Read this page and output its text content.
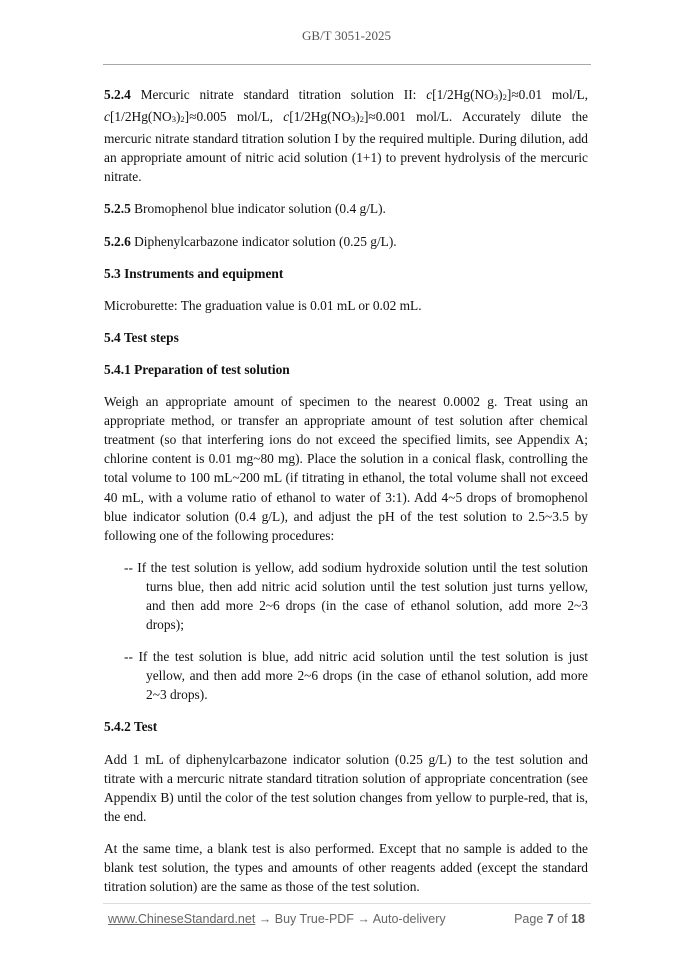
GB/T 3051-2025

5.2.4 Mercuric nitrate standard titration solution II: c[1/2Hg(NO3)2]≈0.01 mol/L, c[1/2Hg(NO3)2]≈0.005 mol/L, c[1/2Hg(NO3)2]≈0.001 mol/L. Accurately dilute the mercuric nitrate standard titration solution I by the required multiple. During dilution, add an appropriate amount of nitric acid solution (1+1) to prevent hydrolysis of the mercuric nitrate.

5.2.5 Bromophenol blue indicator solution (0.4 g/L).

5.2.6 Diphenylcarbazone indicator solution (0.25 g/L).

5.3 Instruments and equipment

Microburette: The graduation value is 0.01 mL or 0.02 mL.

5.4 Test steps

5.4.1 Preparation of test solution

Weigh an appropriate amount of specimen to the nearest 0.0002 g. Treat using an appropriate method, or transfer an appropriate amount of test solution after chemical treatment (so that interfering ions do not exceed the specified limits, see Appendix A; chlorine content is 0.01 mg~80 mg). Place the solution in a conical flask, controlling the total volume to 100 mL~200 mL (if titrating in ethanol, the total volume shall not exceed 40 mL, with a volume ratio of ethanol to water of 3:1). Add 4~5 drops of bromophenol blue indicator solution (0.4 g/L), and adjust the pH of the test solution to 2.5~3.5 by following one of the following procedures:

-- If the test solution is yellow, add sodium hydroxide solution until the test solution turns blue, then add nitric acid solution until the test solution just turns yellow, and then add more 2~6 drops (in the case of ethanol solution, add more 2~3 drops);

-- If the test solution is blue, add nitric acid solution until the test solution is just yellow, and then add more 2~6 drops (in the case of ethanol solution, add more 2~3 drops).

5.4.2 Test

Add 1 mL of diphenylcarbazone indicator solution (0.25 g/L) to the test solution and titrate with a mercuric nitrate standard titration solution of appropriate concentration (see Appendix B) until the color of the test solution changes from yellow to purple-red, that is, the end.

At the same time, a blank test is also performed. Except that no sample is added to the blank test solution, the types and amounts of other reagents added (except the standard titration solution) are the same as those of the test solution.

www.ChineseStandard.net → Buy True-PDF → Auto-delivery	Page 7 of 18
